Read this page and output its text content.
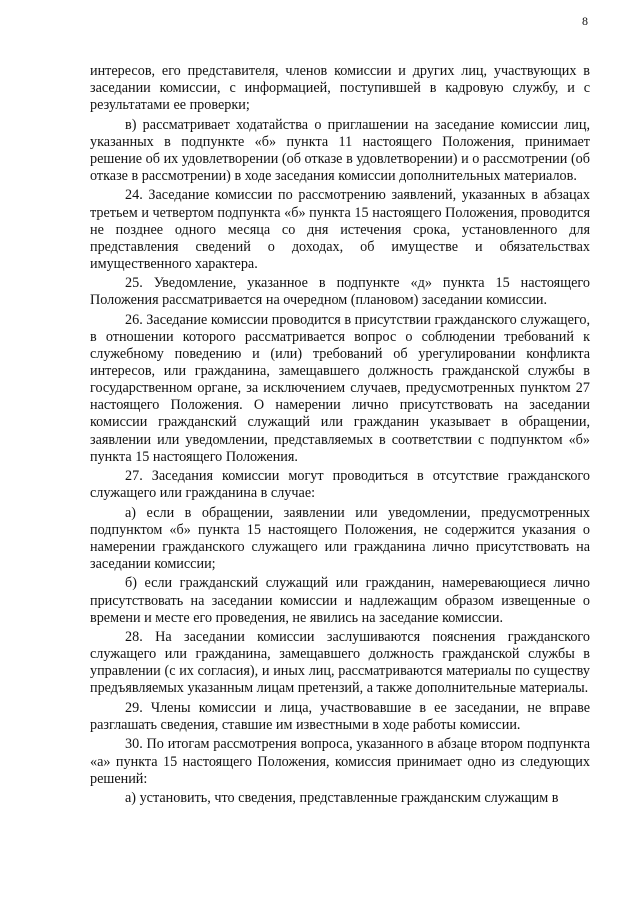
8

интересов, его представителя, членов комиссии и других лиц, участвующих в заседании комиссии, с информацией, поступившей в кадровую службу, и с результатами ее проверки;

в) рассматривает ходатайства о приглашении на заседание комиссии лиц, указанных в подпункте «б» пункта 11 настоящего Положения, принимает решение об их удовлетворении (об отказе в удовлетворении) и о рассмотрении (об отказе в рассмотрении) в ходе заседания комиссии дополнительных материалов.

24. Заседание комиссии по рассмотрению заявлений, указанных в абзацах третьем и четвертом подпункта «б» пункта 15 настоящего Положения, проводится не позднее одного месяца со дня истечения срока, установленного для представления сведений о доходах, об имуществе и обязательствах имущественного характера.

25. Уведомление, указанное в подпункте «д» пункта 15 настоящего Положения рассматривается на очередном (плановом) заседании комиссии.

26. Заседание комиссии проводится в присутствии гражданского служащего, в отношении которого рассматривается вопрос о соблюдении требований к служебному поведению и (или) требований об урегулировании конфликта интересов, или гражданина, замещавшего должность гражданской службы в государственном органе, за исключением случаев, предусмотренных пунктом 27 настоящего Положения. О намерении лично присутствовать на заседании комиссии гражданский служащий или гражданин указывает в обращении, заявлении или уведомлении, представляемых в соответствии с подпунктом «б» пункта 15 настоящего Положения.

27. Заседания комиссии могут проводиться в отсутствие гражданского служащего или гражданина в случае:

а) если в обращении, заявлении или уведомлении, предусмотренных подпунктом «б» пункта 15 настоящего Положения, не содержится указания о намерении гражданского служащего или гражданина лично присутствовать на заседании комиссии;

б) если гражданский служащий или гражданин, намеревающиеся лично присутствовать на заседании комиссии и надлежащим образом извещенные о времени и месте его проведения, не явились на заседание комиссии.

28. На заседании комиссии заслушиваются пояснения гражданского служащего или гражданина, замещавшего должность гражданской службы в управлении (с их согласия), и иных лиц, рассматриваются материалы по существу предъявляемых указанным лицам претензий, а также дополнительные материалы.

29. Члены комиссии и лица, участвовавшие в ее заседании, не вправе разглашать сведения, ставшие им известными в ходе работы комиссии.

30. По итогам рассмотрения вопроса, указанного в абзаце втором подпункта «а» пункта 15 настоящего Положения, комиссия принимает одно из следующих решений:

а) установить, что сведения, представленные гражданским служащим в
